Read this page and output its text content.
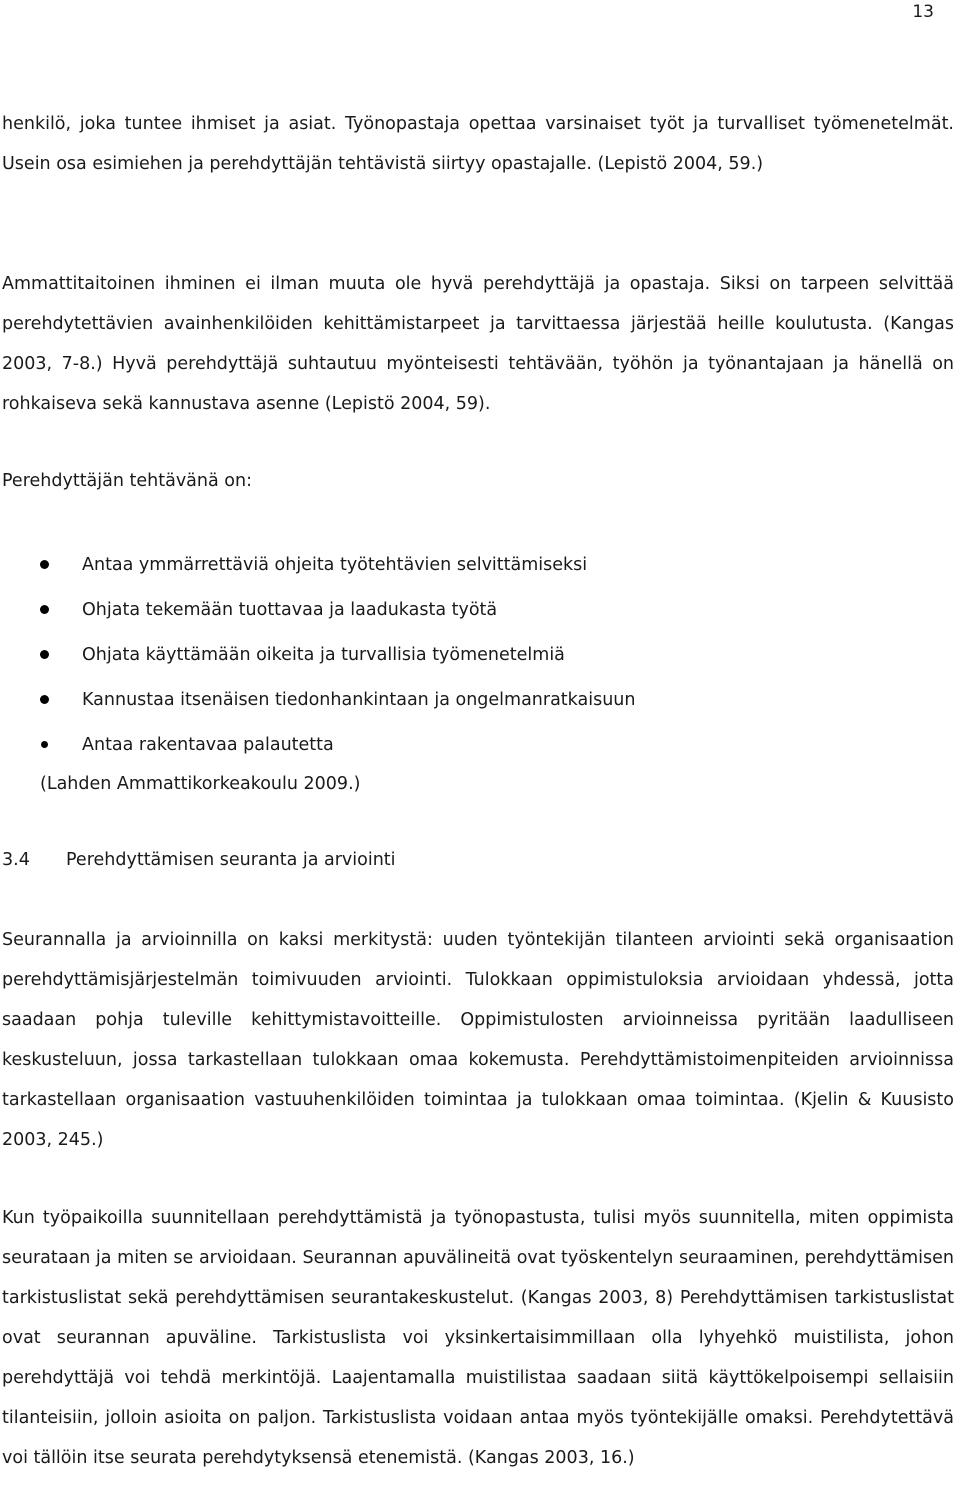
13

henkilö, joka tuntee ihmiset ja asiat. Työnopastaja opettaa varsinaiset työt ja turvalliset työmenetelmät. Usein osa esimiehen ja perehdyttäjän tehtävistä siirtyy opastajalle. (Lepistö 2004, 59.)

Ammattitaitoinen ihminen ei ilman muuta ole hyvä perehdyttäjä ja opastaja. Siksi on tarpeen selvittää perehdytettävien avainhenkilöiden kehittämistarpeet ja tarvittaessa järjestää heille koulutusta. (Kangas 2003, 7-8.) Hyvä perehdyttäjä suhtautuu myönteisesti tehtävään, työhön ja työnantajaan ja hänellä on rohkaiseva sekä kannustava asenne (Lepistö 2004, 59).

Perehdyttäjän tehtävänä on:

Antaa ymmärrettäviä ohjeita työtehtävien selvittämiseksi
Ohjata tekemään tuottavaa ja laadukasta työtä
Ohjata käyttämään oikeita ja turvallisia työmenetelmiä
Kannustaa itsenäisen tiedonhankintaan ja ongelmanratkaisuun
Antaa rakentavaa palautetta
(Lahden Ammattikorkeakoulu 2009.)
3.4 Perehdyttämisen seuranta ja arviointi

Seurannalla ja arvioinnilla on kaksi merkitystä: uuden työntekijän tilanteen arviointi sekä organisaation perehdyttämisjärjestelmän toimivuuden arviointi. Tulokkaan oppimistuloksia arvioidaan yhdessä, jotta saadaan pohja tuleville kehittymistavoitteille. Oppimistulosten arvioinneissa pyritään laadulliseen keskusteluun, jossa tarkastellaan tulokkaan omaa kokemusta. Perehdyttämistoimenpiteiden arvioinnissa tarkastellaan organisaation vastuuhenkilöiden toimintaa ja tulokkaan omaa toimintaa. (Kjelin & Kuusisto 2003, 245.)

Kun työpaikoilla suunnitellaan perehdyttämistä ja työnopastusta, tulisi myös suunnitella, miten oppimista seurataan ja miten se arvioidaan. Seurannan apuvälineitä ovat työskentelyn seuraaminen, perehdyttämisen tarkistuslistat sekä perehdyttämisen seurantakeskustelut. (Kangas 2003, 8) Perehdyttämisen tarkistuslistat ovat seurannan apuväline. Tarkistuslista voi yksinkertaisimmillaan olla lyhyehkö muistilista, johon perehdyttäjä voi tehdä merkintöjä. Laajentamalla muistilistaa saadaan siitä käyttökelpoisempi sellaisiin tilanteisiin, jolloin asioita on paljon. Tarkistuslista voidaan antaa myös työntekijälle omaksi. Perehdytettävä voi tällöin itse seurata perehdytyksensä etenemistä. (Kangas 2003, 16.)
